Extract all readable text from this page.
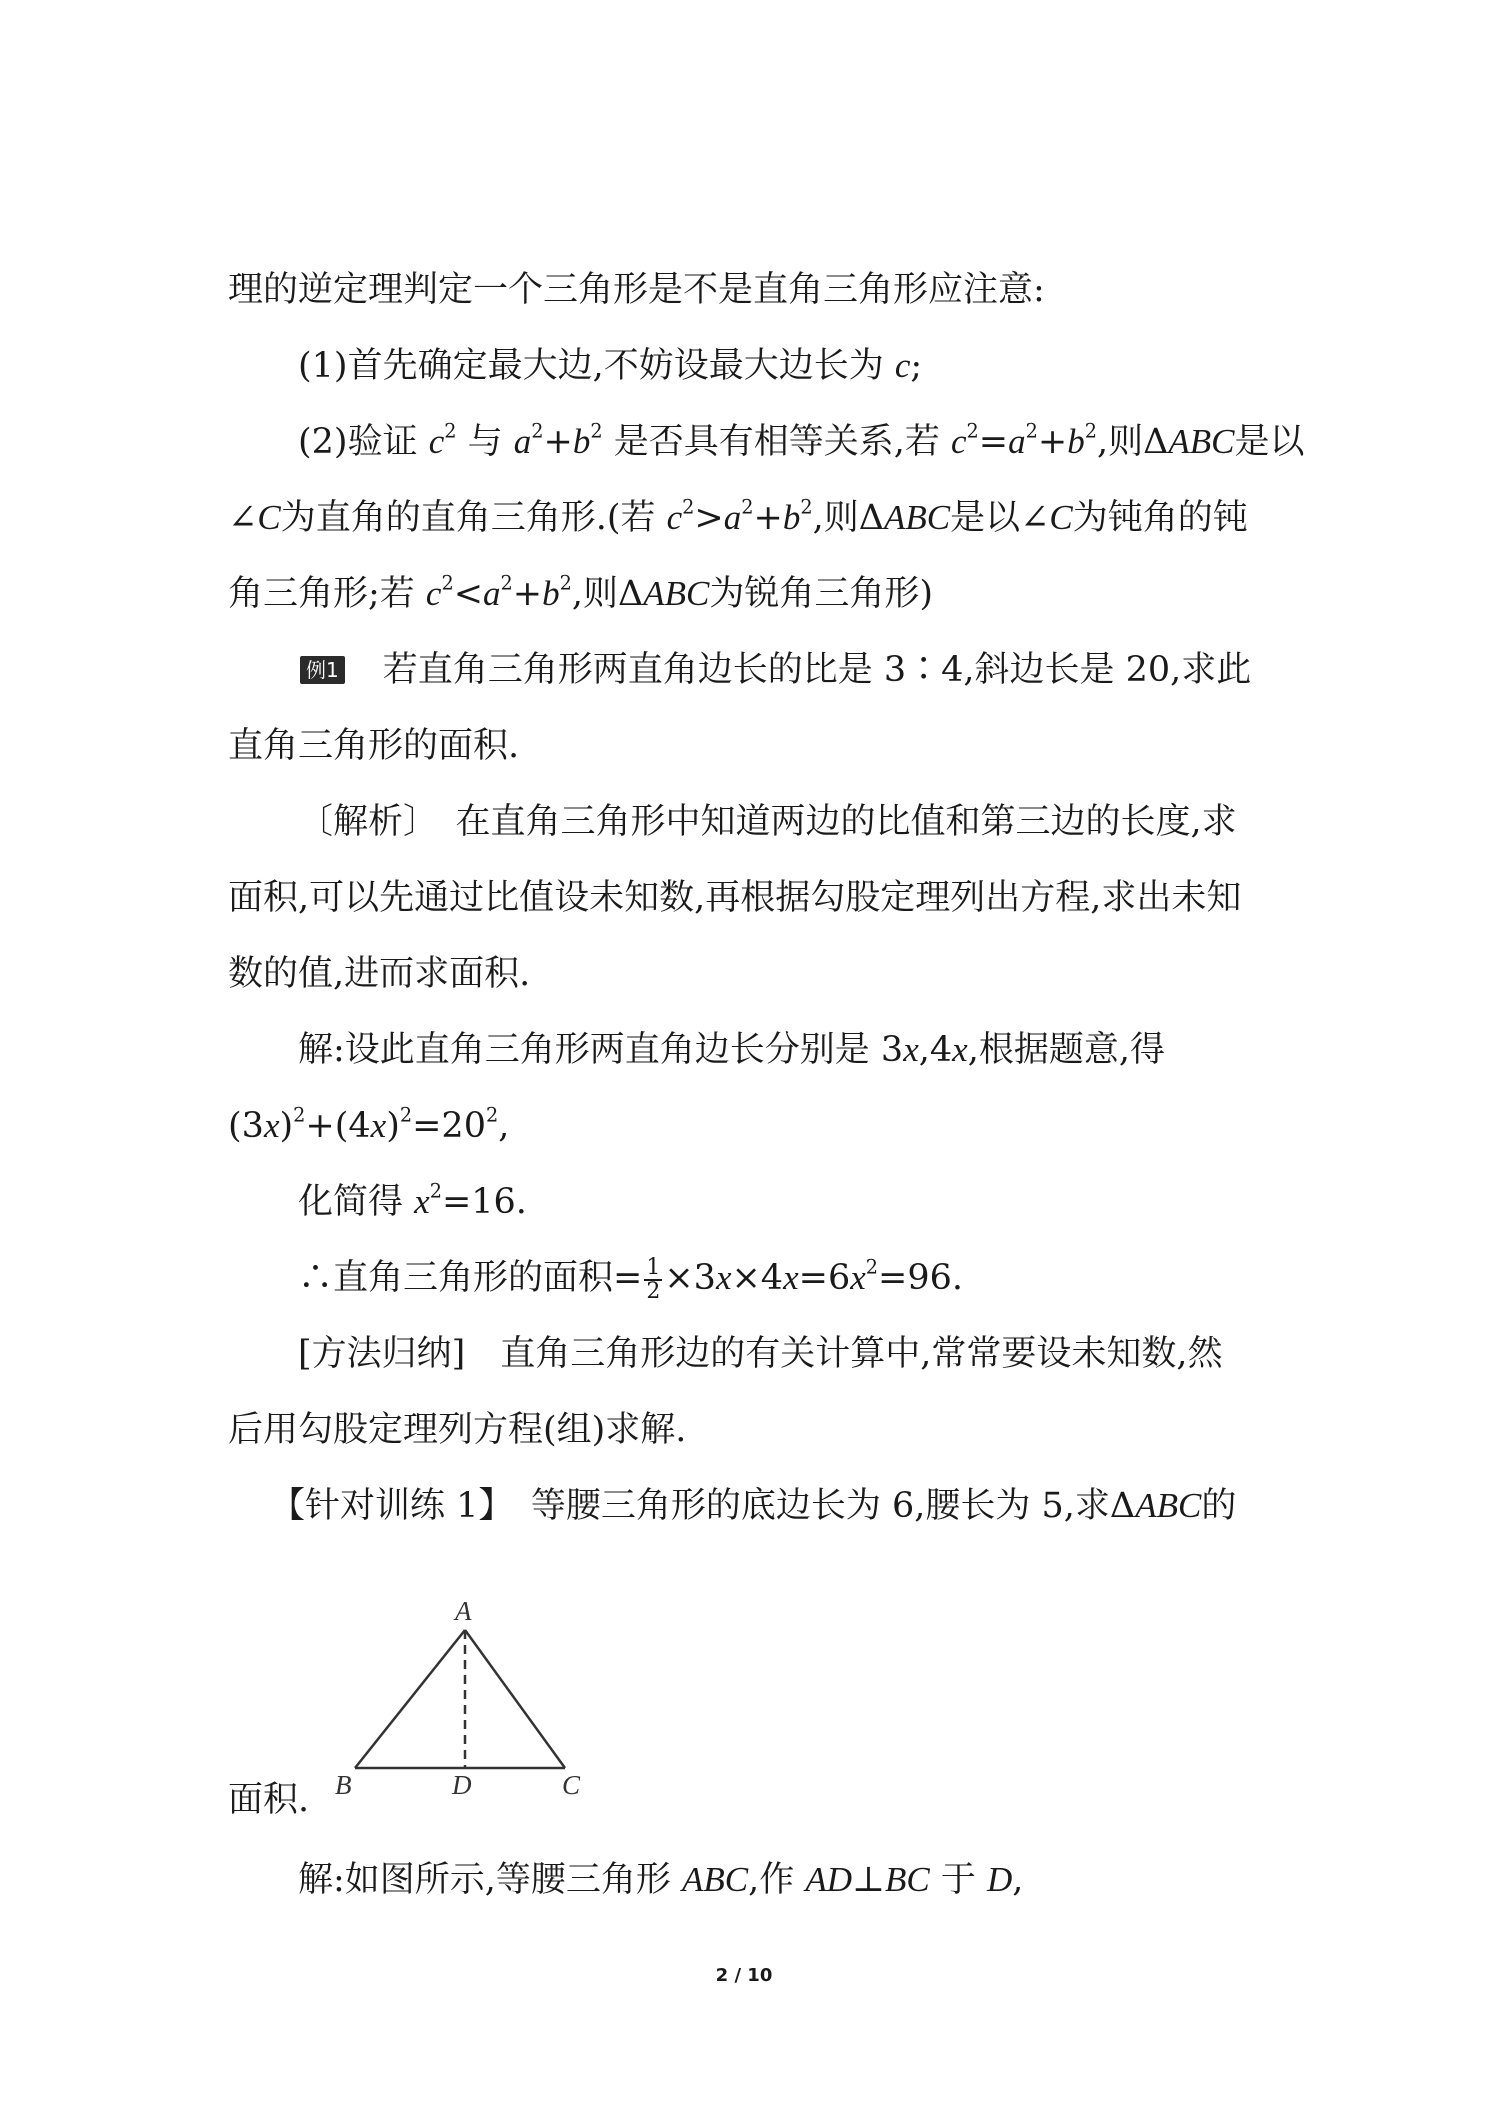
理的逆定理判定一个三角形是不是直角三角形应注意:
(1)首先确定最大边,不妨设最大边长为 c;
(2)验证 $c^2$ 与 $a^2+b^2$ 是否具有相等关系,若 $c^2=a^2+b^2$,则ΔABC是以
∠C为直角的直角三角形.(若 $c^2>a^2+b^2$,则ΔABC是以∠C为钝角的钝
角三角形;若 $c^2<a^2+b^2$,则ΔABC为锐角三角形)
例1 若直角三角形两直角边长的比是 3∶4,斜边长是 20,求此
直角三角形的面积.
〔解析〕　在直角三角形中知道两边的比值和第三边的长度,求
面积,可以先通过比值设未知数,再根据勾股定理列出方程,求出未知
数的值,进而求面积.
解:设此直角三角形两直角边长分别是 3x,4x,根据题意,得
$(3x)^2+(4x)^2=20^2$,
化简得 $x^2=16$.
∴直角三角形的面积= $\frac{1}{2} \times 3x\times 4x=6x^2=96$.
[方法归纳]　直角三角形边的有关计算中,常常要设未知数,然
后用勾股定理列方程(组)求解.
【针对训练 1】　等腰三角形的底边长为 6,腰长为 5,求ΔABC的
A
B	D	C
面积.
解:如图所示,等腰三角形 ABC,作 AD⊥BC 于 D,
2 / 10
